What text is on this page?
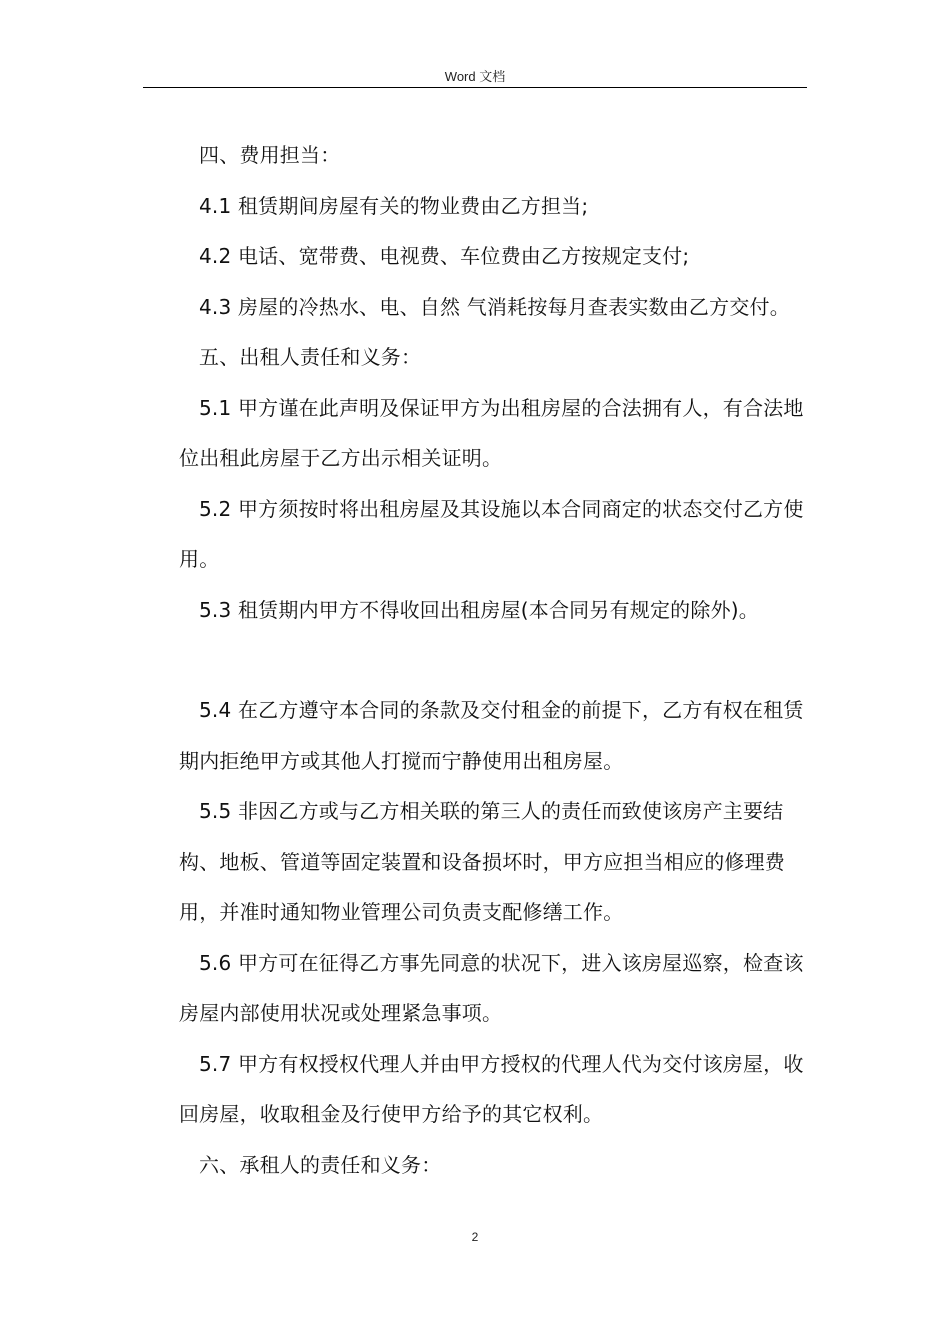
Word 文档

四、费用担当：

4.1 租赁期间房屋有关的物业费由乙方担当;

4.2 电话、宽带费、电视费、车位费由乙方按规定支付;

4.3 房屋的冷热水、电、自然 气消耗按每月查表实数由乙方交付。

五、出租人责任和义务：

5.1 甲方谨在此声明及保证甲方为出租房屋的合法拥有人，有合法地位出租此房屋于乙方出示相关证明。

5.2 甲方须按时将出租房屋及其设施以本合同商定的状态交付乙方使用。

5.3 租赁期内甲方不得收回出租房屋(本合同另有规定的除外)。

5.4 在乙方遵守本合同的条款及交付租金的前提下，乙方有权在租赁期内拒绝甲方或其他人打搅而宁静使用出租房屋。

5.5 非因乙方或与乙方相关联的第三人的责任而致使该房产主要结构、地板、管道等固定装置和设备损坏时，甲方应担当相应的修理费用，并准时通知物业管理公司负责支配修缮工作。

5.6 甲方可在征得乙方事先同意的状况下，进入该房屋巡察，检查该房屋内部使用状况或处理紧急事项。

5.7 甲方有权授权代理人并由甲方授权的代理人代为交付该房屋，收回房屋，收取租金及行使甲方给予的其它权利。

六、承租人的责任和义务：

2
